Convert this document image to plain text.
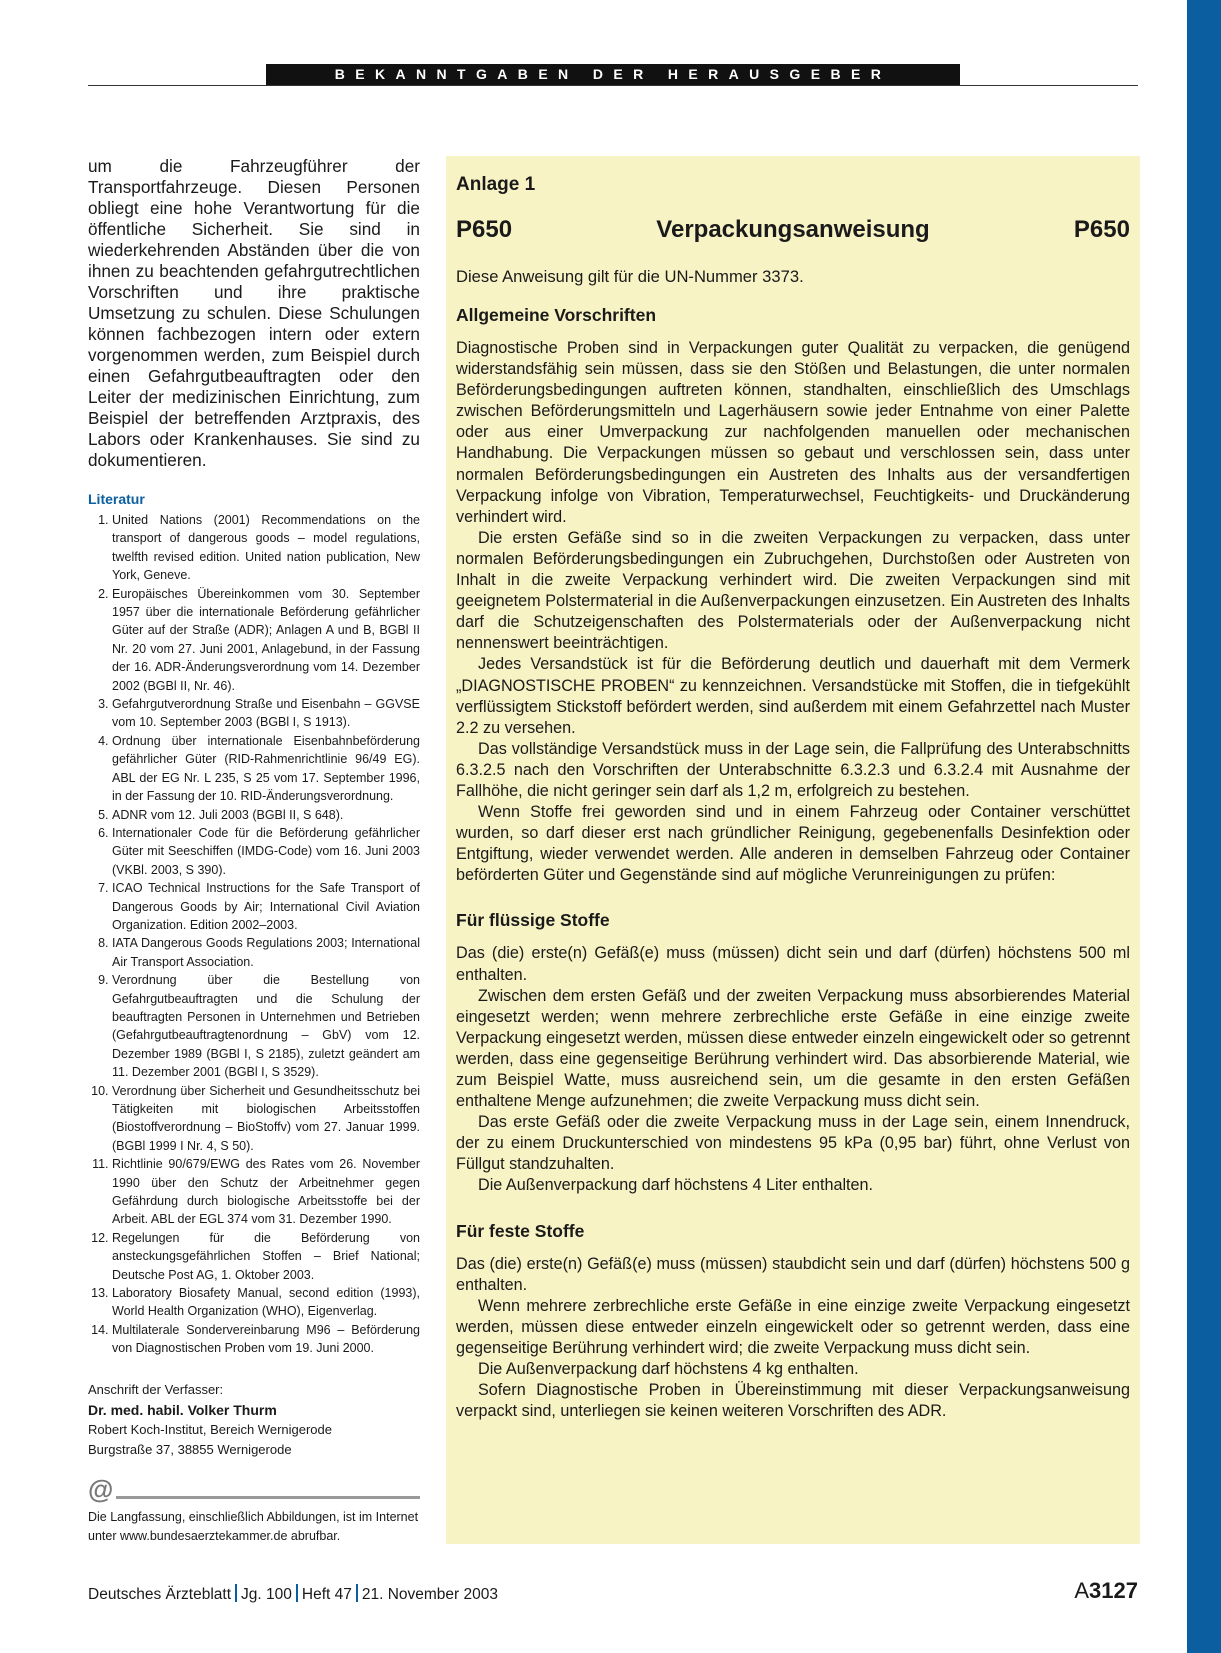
BEKANNTGABEN DER HERAUSGEBER

um die Fahrzeugführer der Transportfahrzeuge. Diesen Personen obliegt eine hohe Verantwortung für die öffentliche Sicherheit. Sie sind in wiederkehrenden Abständen über die von ihnen zu beachtenden gefahrgutrechtlichen Vorschriften und ihre praktische Umsetzung zu schulen. Diese Schulungen können fachbezogen intern oder extern vorgenommen werden, zum Beispiel durch einen Gefahrgutbeauftragten oder den Leiter der medizinischen Einrichtung, zum Beispiel der betreffenden Arztpraxis, des Labors oder Krankenhauses. Sie sind zu dokumentieren.

Literatur
1. United Nations (2001) Recommendations on the transport of dangerous goods – model regulations, twelfth revised edition. United nation publication, New York, Geneve.
2. Europäisches Übereinkommen vom 30. September 1957 über die internationale Beförderung gefährlicher Güter auf der Straße (ADR); Anlagen A und B, BGBl II Nr. 20 vom 27. Juni 2001, Anlagebund, in der Fassung der 16. ADR-Änderungsverordnung vom 14. Dezember 2002 (BGBl II, Nr. 46).
3. Gefahrgutverordnung Straße und Eisenbahn – GGVSE vom 10. September 2003 (BGBl I, S 1913).
4. Ordnung über internationale Eisenbahnbeförderung gefährlicher Güter (RID-Rahmenrichtlinie 96/49 EG). ABL der EG Nr. L 235, S 25 vom 17. September 1996, in der Fassung der 10. RID-Änderungsverordnung.
5. ADNR vom 12. Juli 2003 (BGBl II, S 648).
6. Internationaler Code für die Beförderung gefährlicher Güter mit Seeschiffen (IMDG-Code) vom 16. Juni 2003 (VKBl. 2003, S 390).
7. ICAO Technical Instructions for the Safe Transport of Dangerous Goods by Air; International Civil Aviation Organization. Edition 2002–2003.
8. IATA Dangerous Goods Regulations 2003; International Air Transport Association.
9. Verordnung über die Bestellung von Gefahrgutbeauftragten und die Schulung der beauftragten Personen in Unternehmen und Betrieben (Gefahrgutbeauftragtenordnung – GbV) vom 12. Dezember 1989 (BGBl I, S 2185), zuletzt geändert am 11. Dezember 2001 (BGBl I, S 3529).
10. Verordnung über Sicherheit und Gesundheitsschutz bei Tätigkeiten mit biologischen Arbeitsstoffen (Biostoffverordnung – BioStoffv) vom 27. Januar 1999. (BGBl 1999 I Nr. 4, S 50).
11. Richtlinie 90/679/EWG des Rates vom 26. November 1990 über den Schutz der Arbeitnehmer gegen Gefährdung durch biologische Arbeitsstoffe bei der Arbeit. ABL der EGL 374 vom 31. Dezember 1990.
12. Regelungen für die Beförderung von ansteckungsgefährlichen Stoffen – Brief National; Deutsche Post AG, 1. Oktober 2003.
13. Laboratory Biosafety Manual, second edition (1993), World Health Organization (WHO), Eigenverlag.
14. Multilaterale Sondervereinbarung M96 – Beförderung von Diagnostischen Proben vom 19. Juni 2000.
Anschrift der Verfasser:
Dr. med. habil. Volker Thurm
Robert Koch-Institut, Bereich Wernigerode
Burgstraße 37, 38855 Wernigerode
@
Die Langfassung, einschließlich Abbildungen, ist im Internet unter www.bundesaerztekammer.de abrufbar.
Anlage 1
P650	Verpackungsanweisung	P650

Diese Anweisung gilt für die UN-Nummer 3373.

Allgemeine Vorschriften

Diagnostische Proben sind in Verpackungen guter Qualität zu verpacken, die genügend widerstandsfähig sein müssen, dass sie den Stößen und Belastungen, die unter normalen Beförderungsbedingungen auftreten können, standhalten, einschließlich des Umschlags zwischen Beförderungsmitteln und Lagerhäusern sowie jeder Entnahme von einer Palette oder aus einer Umverpackung zur nachfolgenden manuellen oder mechanischen Handhabung. Die Verpackungen müssen so gebaut und verschlossen sein, dass unter normalen Beförderungsbedingungen ein Austreten des Inhalts aus der versandfertigen Verpackung infolge von Vibration, Temperaturwechsel, Feuchtigkeits- und Druckänderung verhindert wird.

Die ersten Gefäße sind so in die zweiten Verpackungen zu verpacken, dass unter normalen Beförderungsbedingungen ein Zubruchgehen, Durchstoßen oder Austreten von Inhalt in die zweite Verpackung verhindert wird. Die zweiten Verpackungen sind mit geeignetem Polstermaterial in die Außenverpackungen einzusetzen. Ein Austreten des Inhalts darf die Schutzeigenschaften des Polstermaterials oder der Außenverpackung nicht nennenswert beeinträchtigen.

Jedes Versandstück ist für die Beförderung deutlich und dauerhaft mit dem Vermerk „DIAGNOSTISCHE PROBEN“ zu kennzeichnen. Versandstücke mit Stoffen, die in tiefgekühlt verflüssigtem Stickstoff befördert werden, sind außerdem mit einem Gefahrzettel nach Muster 2.2 zu versehen.

Das vollständige Versandstück muss in der Lage sein, die Fallprüfung des Unterabschnitts 6.3.2.5 nach den Vorschriften der Unterabschnitte 6.3.2.3 und 6.3.2.4 mit Ausnahme der Fallhöhe, die nicht geringer sein darf als 1,2 m, erfolgreich zu bestehen.

Wenn Stoffe frei geworden sind und in einem Fahrzeug oder Container verschüttet wurden, so darf dieser erst nach gründlicher Reinigung, gegebenenfalls Desinfektion oder Entgiftung, wieder verwendet werden. Alle anderen in demselben Fahrzeug oder Container beförderten Güter und Gegenstände sind auf mögliche Verunreinigungen zu prüfen:

Für flüssige Stoffe

Das (die) erste(n) Gefäß(e) muss (müssen) dicht sein und darf (dürfen) höchstens 500 ml enthalten.

Zwischen dem ersten Gefäß und der zweiten Verpackung muss absorbierendes Material eingesetzt werden; wenn mehrere zerbrechliche erste Gefäße in eine einzige zweite Verpackung eingesetzt werden, müssen diese entweder einzeln eingewickelt oder so getrennt werden, dass eine gegenseitige Berührung verhindert wird. Das absorbierende Material, wie zum Beispiel Watte, muss ausreichend sein, um die gesamte in den ersten Gefäßen enthaltene Menge aufzunehmen; die zweite Verpackung muss dicht sein.

Das erste Gefäß oder die zweite Verpackung muss in der Lage sein, einem Innendruck, der zu einem Druckunterschied von mindestens 95 kPa (0,95 bar) führt, ohne Verlust von Füllgut standzuhalten.

Die Außenverpackung darf höchstens 4 Liter enthalten.

Für feste Stoffe

Das (die) erste(n) Gefäß(e) muss (müssen) staubdicht sein und darf (dürfen) höchstens 500 g enthalten.

Wenn mehrere zerbrechliche erste Gefäße in eine einzige zweite Verpackung eingesetzt werden, müssen diese entweder einzeln eingewickelt oder so getrennt werden, dass eine gegenseitige Berührung verhindert wird; die zweite Verpackung muss dicht sein.

Die Außenverpackung darf höchstens 4 kg enthalten.

Sofern Diagnostische Proben in Übereinstimmung mit dieser Verpackungsanweisung verpackt sind, unterliegen sie keinen weiteren Vorschriften des ADR.

Deutsches Ärzteblatt Jg. 100 Heft 47 21. November 2003	A3127
